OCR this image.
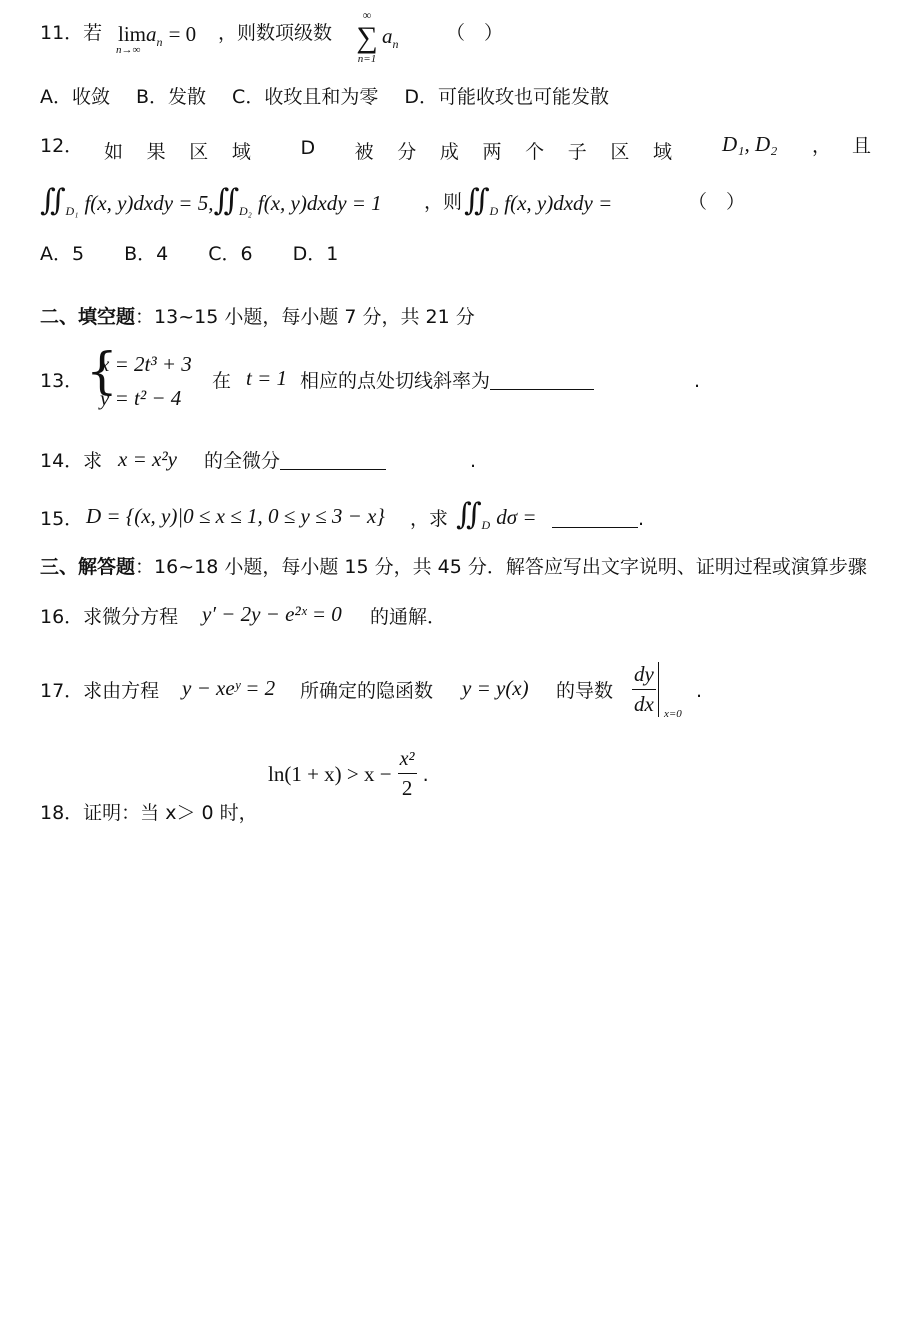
11．若 lima$_n$ = 0
n→∞
，则数项级数
∞
∑
n=1
$a_n$	（　）
A．收敛 B．发散 C．收玫且和为零 D．可能收玫也可能发散
12． 如 果 区 域	D 被 分 成 两 个 子 区 域 D₁, D₂ ， 且
$∬_{D_1}$ f(x, y)dxdy = $5,∬_{D_2}$ f(x, y)dxdy = 1 ，则 $∬_D$ f(x, y)dxdy =	（　）
A．5 B．4 C．6 D．1
二、填空题：13~15 小题，每小题 7 分，共 21 分
13． {
x = 2t³ + 3
y = t² − 4
在 t = 1 相应的点处切线斜率为	.
14．求 x = x²y 的全微分	.
15． D = {(x, y)|0 ≤ x ≤ 1, 0 ≤ y ≤ 3 − x} ，求 $∬_D$ dσ =	.
三、解答题：16~18 小题，每小题 15 分，共 45 分．解答应写出文字说明、证明过程或演算步骤
16．求微分方程 y′ − 2y − e²ˣ = 0 的通解．
17．求由方程 y − xeʸ = 2 所确定的隐函数 y = y(x) 的导数 $\frac{dy}{dx} x=0$
.
$\ln(1 + x) > x - \frac{\text{x²}}{2}$ .
18．证明：当 x＞ 0 时，
